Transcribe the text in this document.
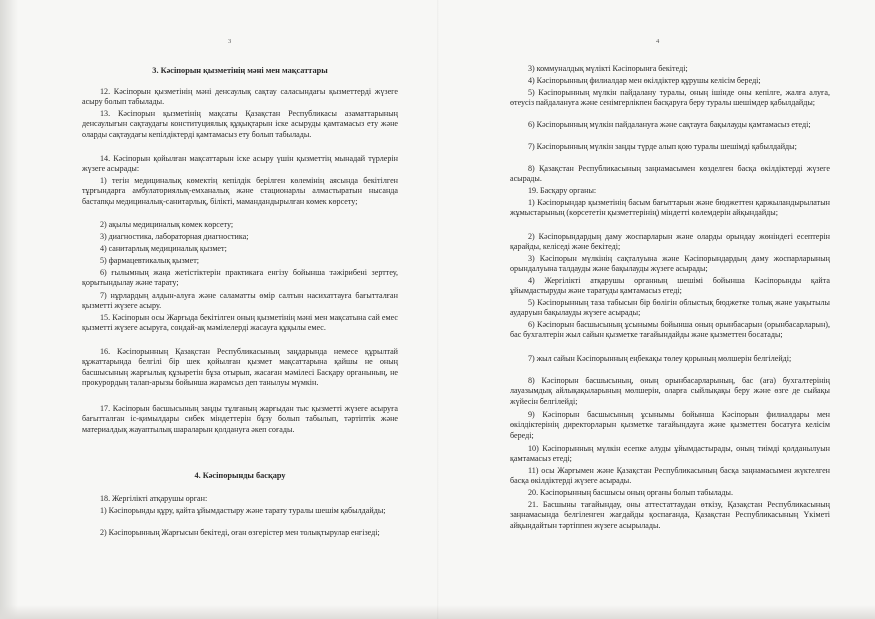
3
3. Кәсіпорын қызметінің мәні мен мақсаттары

12. Кәсіпорын қызметінің мәні денсаулық сақтау саласындағы қызметтерді жүзеге асыру болып табылады.

13. Кәсіпорын қызметінің мақсаты Қазақстан Республикасы азаматтарының денсаулығын сақтаудағы конституциялық құқықтарын іске асыруды қамтамасыз ету және оларды сақтаудағы кепілдіктерді қамтамасыз ету болып табылады.

14. Кәсіпорын қойылған мақсаттарын іске асыру үшін қызметтің мынадай түрлерін жүзеге асырады:

1) тегін медициналық көмектің кепілдік берілген көлемінің аясында бекітілген тұрғындарға амбулаториялық-емханалық және стационарлы алмастыратын нысанда бастапқы медициналық-санитарлық, білікті, мамандандырылған көмек көрсету;

2) ақылы медициналық көмек көрсету;

3) диагностика, лабораторная диагностика;

4) санитарлық медициналық қызмет;

5) фармацевтикалық қызмет;

6) ғылымның жаңа жетістіктерін практикаға енгізу бойынша тәжірибені зерттеу, қорытындылау және тарату;

7) нұрлардың алдын-алуға және саламатты өмір салтын насихаттауға бағытталған қызметті жүзеге асыру.

15. Кәсіпорын осы Жарғыда бекітілген оның қызметінің мәні мен мақсатына сай емес қызметті жүзеге асыруға, сондай-ақ мәмілелерді жасауға құқылы емес.

16. Кәсіпорынның Қазақстан Республикасының заңдарында немесе құрылтай құжаттарында белгілі бір шек қойылған қызмет мақсаттарына қайшы не оның басшысының жарғылық құзыретін бұза отырып, жасаған мәмілесі Басқару органының, не прокурордың талап-арызы бойынша жарамсыз деп танылуы мүмкін.

17. Кәсіпорын басшысының заңды тұлғаның жарғыдан тыс қызметті жүзеге асыруға бағытталған іс-қимылдары сибек міндеттерін бұзу болып табылып, тәртіптік және материалдық жауаптылық шараларын қолдануға әкеп соғады.

4. Кәсіпорынды басқару

18. Жергілікті атқарушы орган:

1) Кәсіпорынды құру, қайта ұйымдастыру және тарату туралы шешім қабылдайды;

2) Кәсіпорынның Жарғысын бекітеді, оған өзгерістер мен толықтырулар енгізеді;

4

3) коммуналдық мүлікті Кәсіпорынға бекітеді;

4) Кәсіпорынның филиалдар мен өкілдіктер құрушы келісім береді;

5) Кәсіпорынның мүлкін пайдалану туралы, оның ішінде оны кепілге, жалға алуға, өтеусіз пайдалануға және сенімгерлікпен басқаруға беру туралы шешімдер қабылдайды;

6) Кәсіпорынның мүлкін пайдалануға және сақтауға бақылауды қамтамасыз етеді;

7) Кәсіпорынның мүлкін заңды түрде алып қою туралы шешімді қабылдайды;

8) Қазақстан Республикасының заңнамасымен көзделген басқа өкілдіктерді жүзеге асырады.

19. Басқару органы:

1) Кәсіпорындар қызметінің басым бағыттарын және бюджеттен қаржыландырылатын жұмыстарының (көрсететін қызметтерінің) міндетті көлемдерін айқындайды;

2) Кәсіпорындардың даму жоспарларын және оларды орындау жөніндегі есептерін қарайды, келіседі және бекітеді;

3) Кәсіпорын мүлкінің сақталуына және Кәсіпорындардың даму жоспарларының орындалуына талдауды және бақылауды жүзеге асырады;

4) Жергілікті атқарушы органның шешімі бойынша Кәсіпорынды қайта ұйымдастыруды және таратуды қамтамасыз етеді;

5) Кәсіпорынның таза табысын бір бөлігін облыстық бюджетке толық және уақытылы аударуын бақылауды жүзеге асырады;

6) Кәсіпорын басшысының ұсынымы бойынша оның орынбасарын (орынбасарларын), бас бухгалтерін жыл сайын қызметке тағайындайды және қызметтен босатады;

7) жыл сайын Кәсіпорынның еңбекақы төлеу қорының мөлшерін белгілейді;

8) Кәсіпорын басшысының, оның орынбасарларының, бас (аға) бухгалтерінің лауазымдық айлықақыларының мөлшерін, оларға сыйлықақы беру және өзге де сыйақы жүйесін белгілейді;

9) Кәсіпорын басшысының ұсынымы бойынша Кәсіпорын филиалдары мен өкілдіктерінің директорларын қызметке тағайындауға және қызметтен босатуға келісім береді;

10) Кәсіпорынның мүлкін есепке алуды ұйымдастырады, оның тиімді қолданылуын қамтамасыз етеді;

11) осы Жарғымен және Қазақстан Республикасының басқа заңнамасымен жүктелген басқа өкілдіктерді жүзеге асырады.

20. Кәсіпорынның басшысы оның органы болып табылады.

21. Басшыны тағайындау, оны аттестаттаудан өткізу, Қазақстан Республикасының заңнамасында белгіленген жағдайды қоспағанда, Қазақстан Республикасының Үкіметі айқындайтын тәртіппен жүзеге асырылады.
